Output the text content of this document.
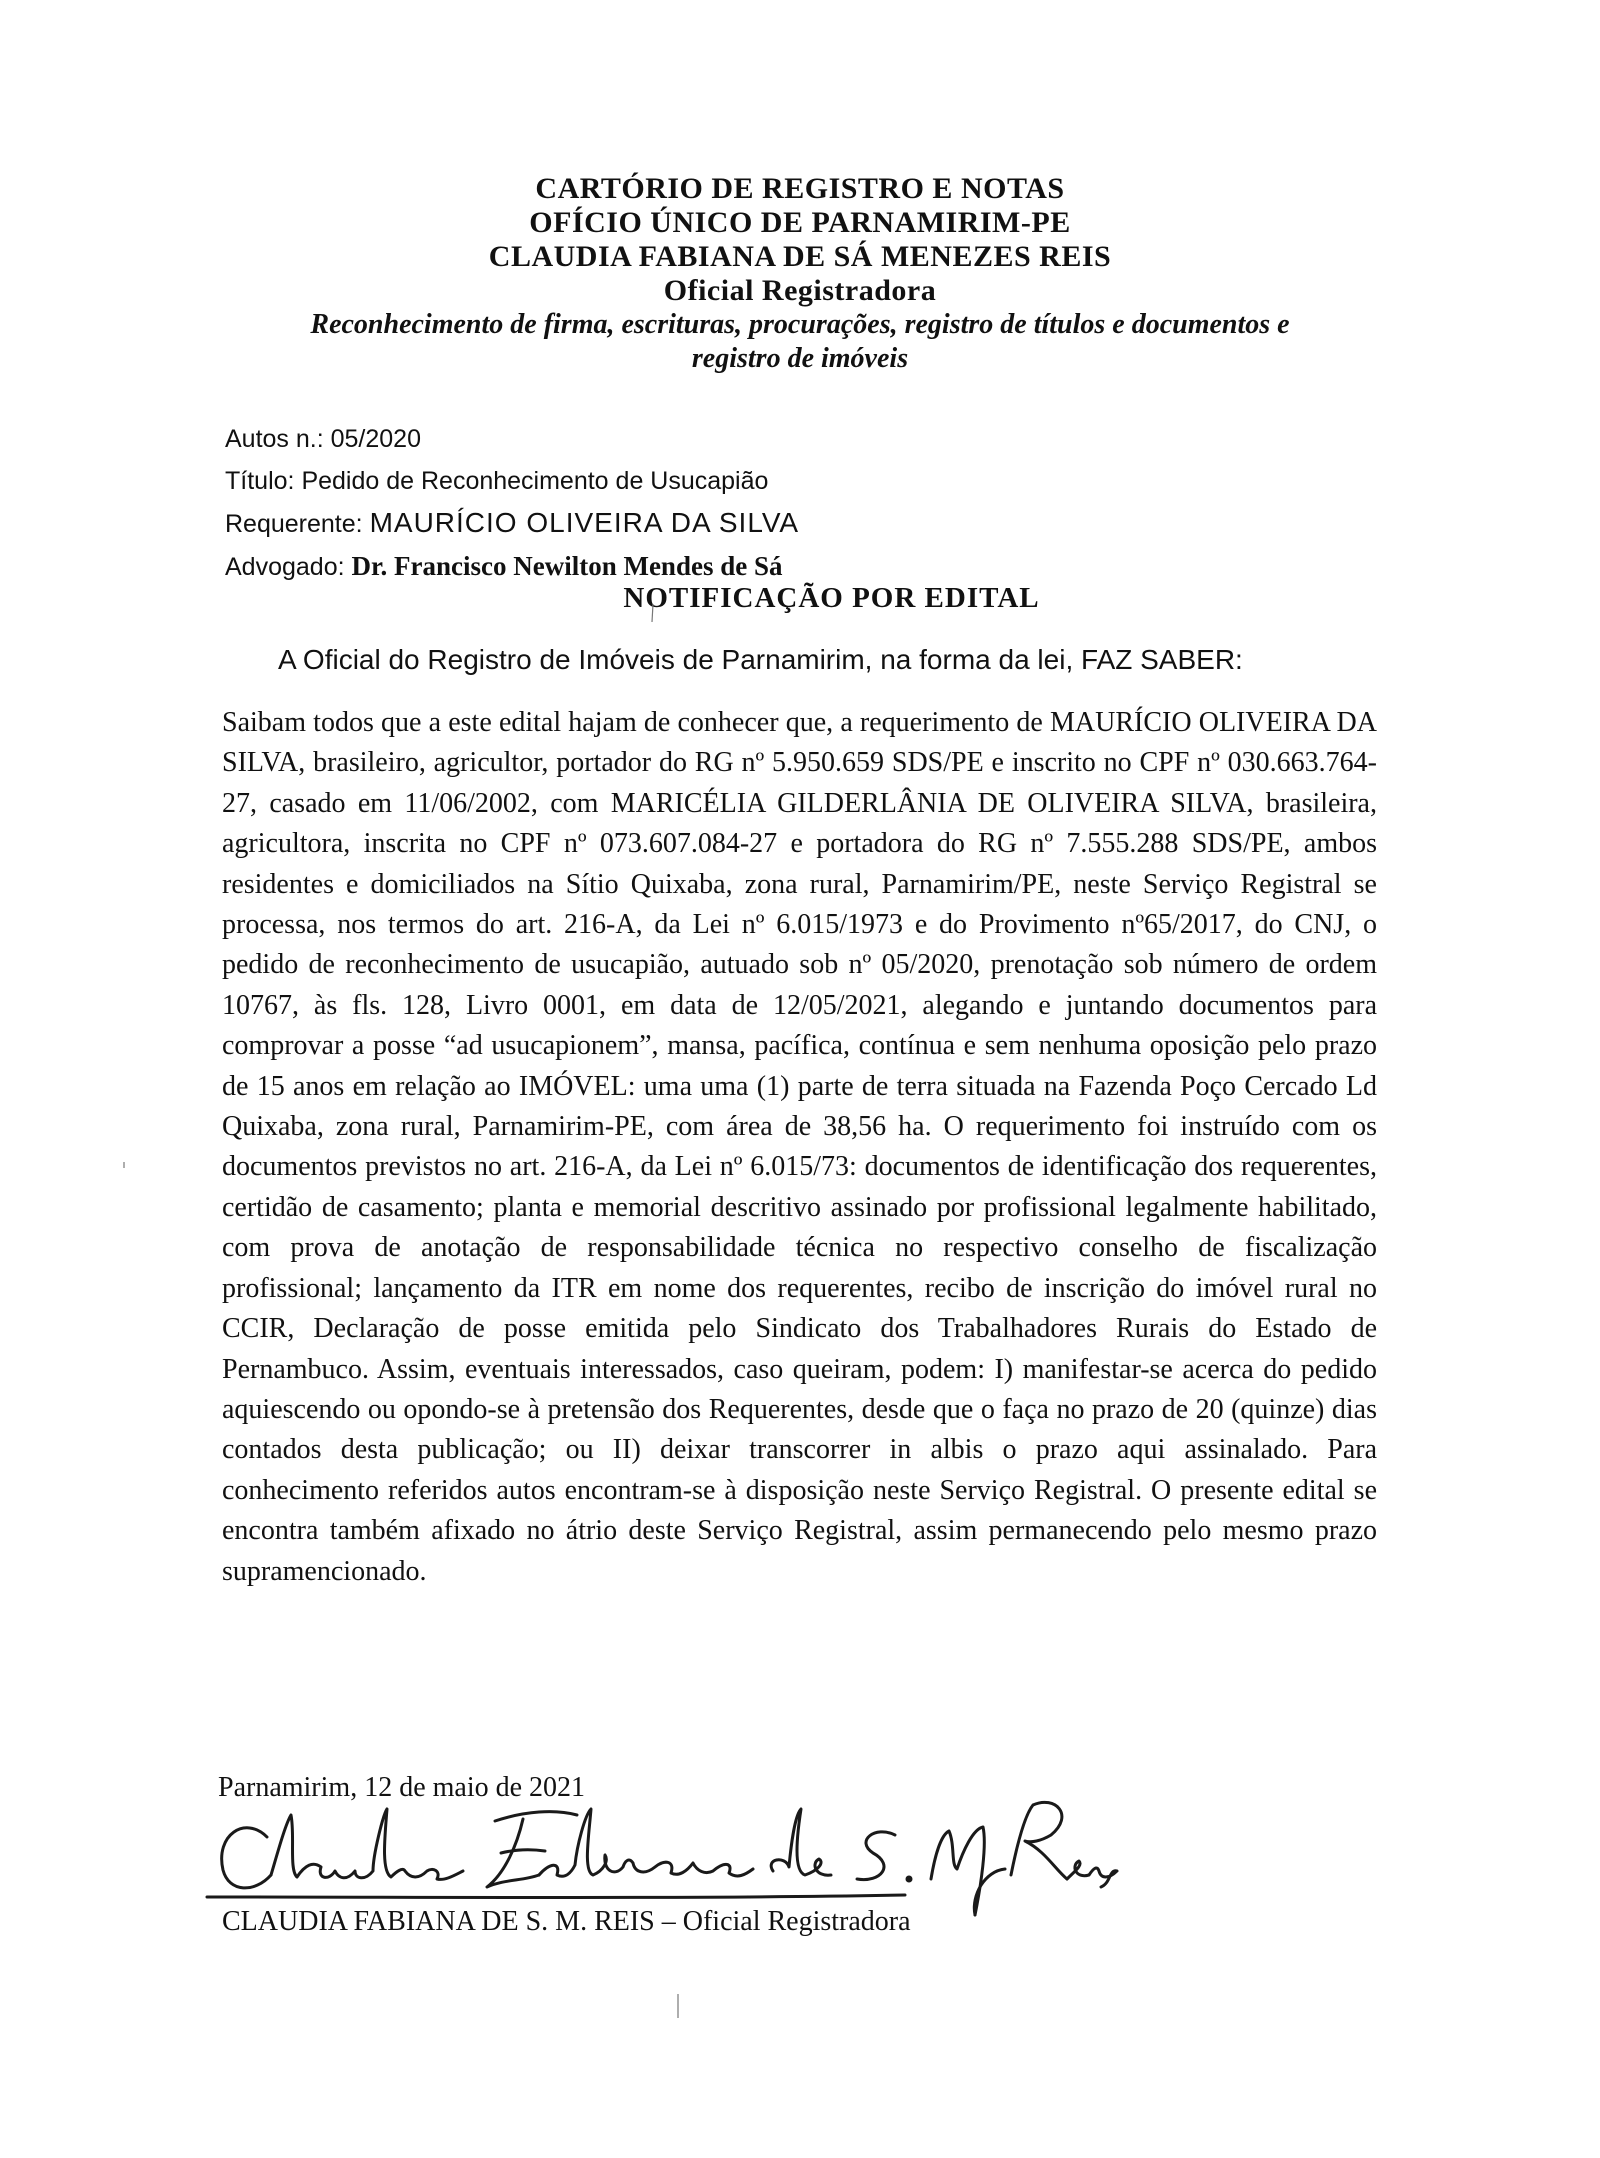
CARTÓRIO DE REGISTRO E NOTAS
OFÍCIO ÚNICO DE PARNAMIRIM-PE
CLAUDIA FABIANA DE SÁ MENEZES REIS
Oficial Registradora
Reconhecimento de firma, escrituras, procurações, registro de títulos e documentos e
registro de imóveis
Autos n.: 05/2020
Título: Pedido de Reconhecimento de Usucapião
Requerente: MAURÍCIO OLIVEIRA DA SILVA
Advogado: Dr. Francisco Newilton Mendes de Sá
NOTIFICAÇÃO POR EDITAL
A Oficial do Registro de Imóveis de Parnamirim, na forma da lei, FAZ SABER:

Saibam todos que a este edital hajam de conhecer que, a requerimento de MAURÍCIO OLIVEIRA DA SILVA, brasileiro, agricultor, portador do RG nº 5.950.659 SDS/PE e inscrito no CPF nº 030.663.764-27, casado em 11/06/2002, com MARICÉLIA GILDERLÂNIA DE OLIVEIRA SILVA, brasileira, agricultora, inscrita no CPF nº 073.607.084-27 e portadora do RG nº 7.555.288 SDS/PE, ambos residentes e domiciliados na Sítio Quixaba, zona rural, Parnamirim/PE, neste Serviço Registral se processa, nos termos do art. 216-A, da Lei nº 6.015/1973 e do Provimento nº65/2017, do CNJ, o pedido de reconhecimento de usucapião, autuado sob nº 05/2020, prenotação sob número de ordem 10767, às fls. 128, Livro 0001, em data de 12/05/2021, alegando e juntando documentos para comprovar a posse “ad usucapionem”, mansa, pacífica, contínua e sem nenhuma oposição pelo prazo de 15 anos em relação ao IMÓVEL: uma uma (1) parte de terra situada na Fazenda Poço Cercado Ld Quixaba, zona rural, Parnamirim-PE, com área de 38,56 ha. O requerimento foi instruído com os documentos previstos no art. 216-A, da Lei nº 6.015/73: documentos de identificação dos requerentes, certidão de casamento; planta e memorial descritivo assinado por profissional legalmente habilitado, com prova de anotação de responsabilidade técnica no respectivo conselho de fiscalização profissional; lançamento da ITR em nome dos requerentes, recibo de inscrição do imóvel rural no CCIR, Declaração de posse emitida pelo Sindicato dos Trabalhadores Rurais do Estado de Pernambuco. Assim, eventuais interessados, caso queiram, podem: I) manifestar-se acerca do pedido aquiescendo ou opondo-se à pretensão dos Requerentes, desde que o faça no prazo de 20 (quinze) dias contados desta publicação; ou II) deixar transcorrer in albis o prazo aqui assinalado. Para conhecimento referidos autos encontram-se à disposição neste Serviço Registral. O presente edital se encontra também afixado no átrio deste Serviço Registral, assim permanecendo pelo mesmo prazo supramencionado.

Parnamirim, 12 de maio de 2021
CLAUDIA FABIANA DE S. M. REIS – Oficial Registradora
